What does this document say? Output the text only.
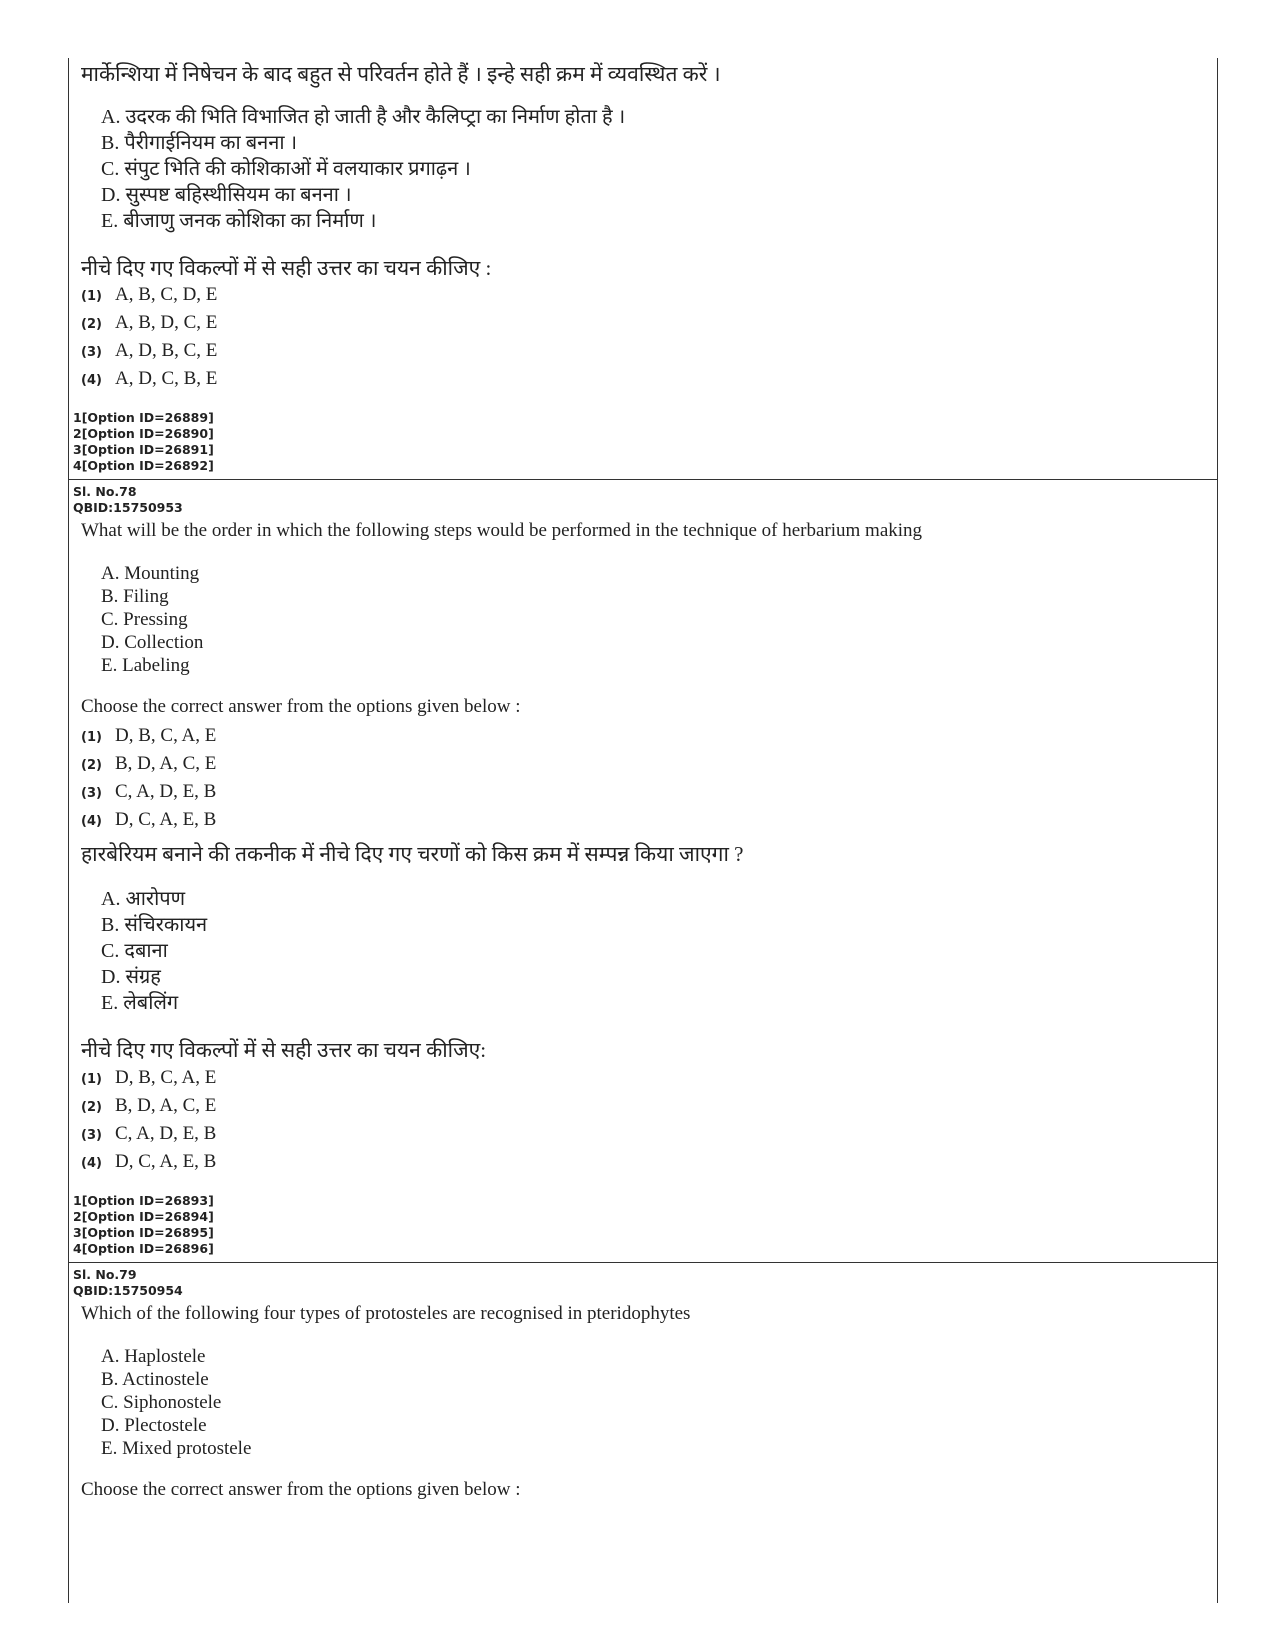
मार्केन्शिया में निषेचन के बाद बहुत से परिवर्तन होते हैं । इन्हे सही क्रम में व्यवस्थित करें ।
A. उदरक की भिति विभाजित हो जाती है और कैलिप्ट्रा का निर्माण होता है ।
B. पैरीगाईनियम का बनना ।
C. संपुट भिति की कोशिकाओं में वलयाकार प्रगाढ़न ।
D. सुस्पष्ट बहिस्थीसियम का बनना ।
E. बीजाणु जनक कोशिका का निर्माण ।
नीचे दिए गए विकल्पों में से सही उत्तर का चयन कीजिए :
(1) A, B, C, D, E
(2) A, B, D, C, E
(3) A, D, B, C, E
(4) A, D, C, B, E
1[Option ID=26889]
2[Option ID=26890]
3[Option ID=26891]
4[Option ID=26892]
Sl. No.78
QBID:15750953
What will be the order in which the following steps would be performed in the technique of herbarium making
A. Mounting
B. Filing
C. Pressing
D. Collection
E. Labeling
Choose the correct answer from the options given below :
(1) D, B, C, A, E
(2) B, D, A, C, E
(3) C, A, D, E, B
(4) D, C, A, E, B
हारबेरियम बनाने की तकनीक में नीचे दिए गए चरणों को किस क्रम में सम्पन्न किया जाएगा ?
A. आरोपण
B. संचिरकायन
C. दबाना
D. संग्रह
E. लेबलिंग
नीचे दिए गए विकल्पों में से सही उत्तर का चयन कीजिए:
(1) D, B, C, A, E
(2) B, D, A, C, E
(3) C, A, D, E, B
(4) D, C, A, E, B
1[Option ID=26893]
2[Option ID=26894]
3[Option ID=26895]
4[Option ID=26896]
Sl. No.79
QBID:15750954
Which of the following four types of protosteles are recognised in pteridophytes
A. Haplostele
B. Actinostele
C. Siphonostele
D. Plectostele
E. Mixed protostele
Choose the correct answer from the options given below :
